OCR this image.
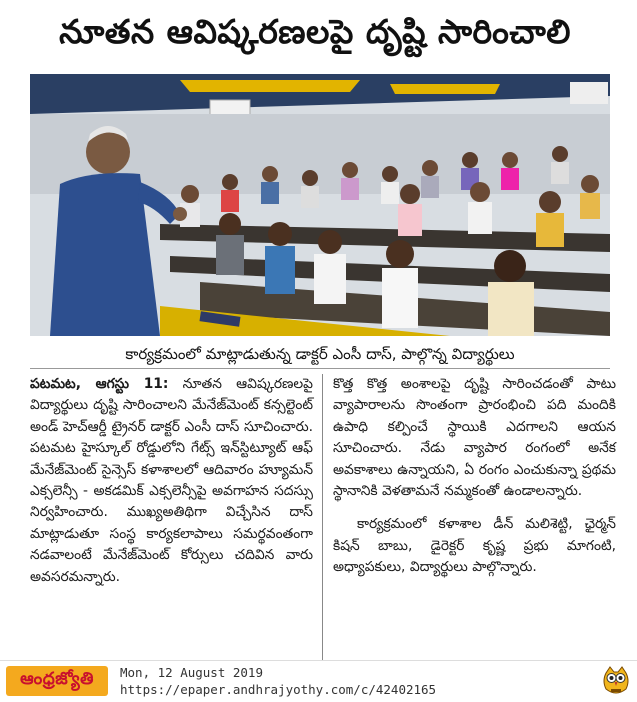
నూతన ఆవిష్కరణలపై దృష్టి సారించాలి
కార్యక్రమంలో మాట్లాడుతున్న డాక్టర్ ఎంసీ దాస్, పాల్గొన్న విద్యార్థులు

పటమట, ఆగస్టు 11: నూతన ఆవిష్కరణలపై విద్యార్థులు దృష్టి సారించాలని మేనేజ్‌మెంట్ కన్సల్టెంట్ అండ్ హెచ్‌ఆర్డీ ట్రైనర్ డాక్టర్ ఎంసీ దాస్ సూచించారు. పటమట హైస్కూల్ రోడ్డులోని గేట్స్ ఇన్‌స్టిట్యూట్ ఆఫ్ మేనేజ్‌మెంట్ సైన్సెస్ కళాశాలలో ఆదివారం హ్యూమన్ ఎక్సలెన్సీ - అకడమిక్ ఎక్సలెన్సీపై అవగాహన సదస్సు నిర్వహించారు. ముఖ్యఅతిథిగా విచ్చేసిన దాస్ మాట్లాడుతూ సంస్థ కార్యకలాపాలు సమర్థవంతంగా నడవాలంటే మేనేజ్‌మెంట్ కోర్సులు చదివిన వారు అవసరమన్నారు.

కొత్త కొత్త అంశాలపై దృష్టి సారించడంతో పాటు వ్యాపారాలను సొంతంగా ప్రారంభించి పది మందికి ఉపాధి కల్పించే స్థాయికి ఎదగాలని ఆయన సూచించారు. నేడు వ్యాపార రంగంలో అనేక అవకాశాలు ఉన్నాయని, ఏ రంగం ఎంచుకున్నా ప్రథమ స్థానానికి వెళతామనే నమ్మకంతో ఉండాలన్నారు.

కార్యక్రమంలో కళాశాల డీన్ మలిశెట్టి, ఛైర్మన్ కిషన్ బాబు, డైరెక్టర్ కృష్ణ ప్రభు మాగంటి, అధ్యాపకులు, విద్యార్థులు పాల్గొన్నారు.

ఆంధ్రజ్యోతి	Mon, 12 August 2019
https://epaper.andhrajyothy.com/c/42402165
